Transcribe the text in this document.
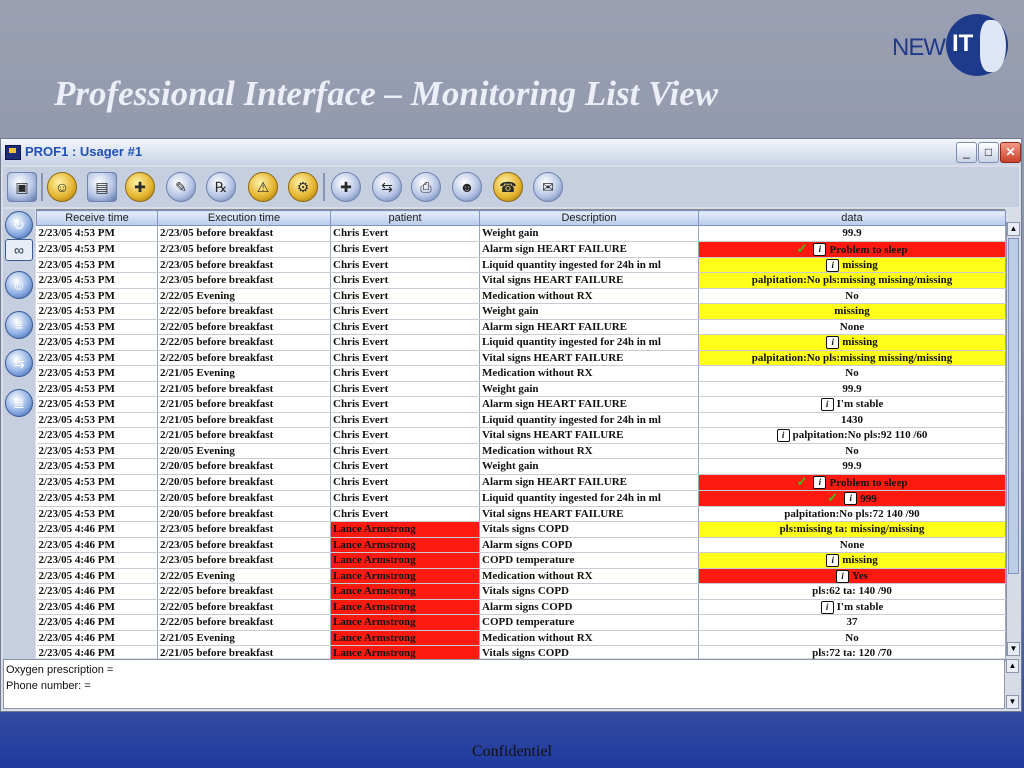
Professional Interface – Monitoring List View
NEW IT
PROF1 : Usager #1	_	□	✕
▣	☺	▤	✚	✎	℞	⚠	⚙	✚	⇆	⎙	☻	☎	✉
↻
∞
☺
≡
⇆
≣
Receive time	Execution time	patient	Description	data
2/23/05 4:53 PM	2/23/05 before breakfast	Chris Evert	Weight gain	99.9
2/23/05 4:53 PM	2/23/05 before breakfast	Chris Evert	Alarm sign HEART FAILURE	✓ i Problem to sleep
2/23/05 4:53 PM	2/23/05 before breakfast	Chris Evert	Liquid quantity ingested for 24h in ml	i missing
2/23/05 4:53 PM	2/23/05 before breakfast	Chris Evert	Vital signs HEART FAILURE	palpitation:No pls:missing missing/missing
2/23/05 4:53 PM	2/22/05 Evening	Chris Evert	Medication without RX	No
2/23/05 4:53 PM	2/22/05 before breakfast	Chris Evert	Weight gain	missing
2/23/05 4:53 PM	2/22/05 before breakfast	Chris Evert	Alarm sign HEART FAILURE	None
2/23/05 4:53 PM	2/22/05 before breakfast	Chris Evert	Liquid quantity ingested for 24h in ml	i missing
2/23/05 4:53 PM	2/22/05 before breakfast	Chris Evert	Vital signs HEART FAILURE	palpitation:No pls:missing missing/missing
2/23/05 4:53 PM	2/21/05 Evening	Chris Evert	Medication without RX	No
2/23/05 4:53 PM	2/21/05 before breakfast	Chris Evert	Weight gain	99.9
2/23/05 4:53 PM	2/21/05 before breakfast	Chris Evert	Alarm sign HEART FAILURE	i I'm stable
2/23/05 4:53 PM	2/21/05 before breakfast	Chris Evert	Liquid quantity ingested for 24h in ml	1430
2/23/05 4:53 PM	2/21/05 before breakfast	Chris Evert	Vital signs HEART FAILURE	i palpitation:No pls:92 110 /60
2/23/05 4:53 PM	2/20/05 Evening	Chris Evert	Medication without RX	No
2/23/05 4:53 PM	2/20/05 before breakfast	Chris Evert	Weight gain	99.9
2/23/05 4:53 PM	2/20/05 before breakfast	Chris Evert	Alarm sign HEART FAILURE	✓ i Problem to sleep
2/23/05 4:53 PM	2/20/05 before breakfast	Chris Evert	Liquid quantity ingested for 24h in ml	✓ i 999
2/23/05 4:53 PM	2/20/05 before breakfast	Chris Evert	Vital signs HEART FAILURE	palpitation:No pls:72 140 /90
2/23/05 4:46 PM	2/23/05 before breakfast	Lance Armstrong	Vitals signs COPD	pls:missing ta: missing/missing
2/23/05 4:46 PM	2/23/05 before breakfast	Lance Armstrong	Alarm signs COPD	None
2/23/05 4:46 PM	2/23/05 before breakfast	Lance Armstrong	COPD temperature	i missing
2/23/05 4:46 PM	2/22/05 Evening	Lance Armstrong	Medication without RX	i Yes
2/23/05 4:46 PM	2/22/05 before breakfast	Lance Armstrong	Vitals signs COPD	pls:62 ta: 140 /90
2/23/05 4:46 PM	2/22/05 before breakfast	Lance Armstrong	Alarm signs COPD	i I'm stable
2/23/05 4:46 PM	2/22/05 before breakfast	Lance Armstrong	COPD temperature	37
2/23/05 4:46 PM	2/21/05 Evening	Lance Armstrong	Medication without RX	No
2/23/05 4:46 PM	2/21/05 before breakfast	Lance Armstrong	Vitals signs COPD	pls:72 ta: 120 /70
▲
▼
Oxygen prescription =
Phone number: =
▲
▼
Confidentiel
